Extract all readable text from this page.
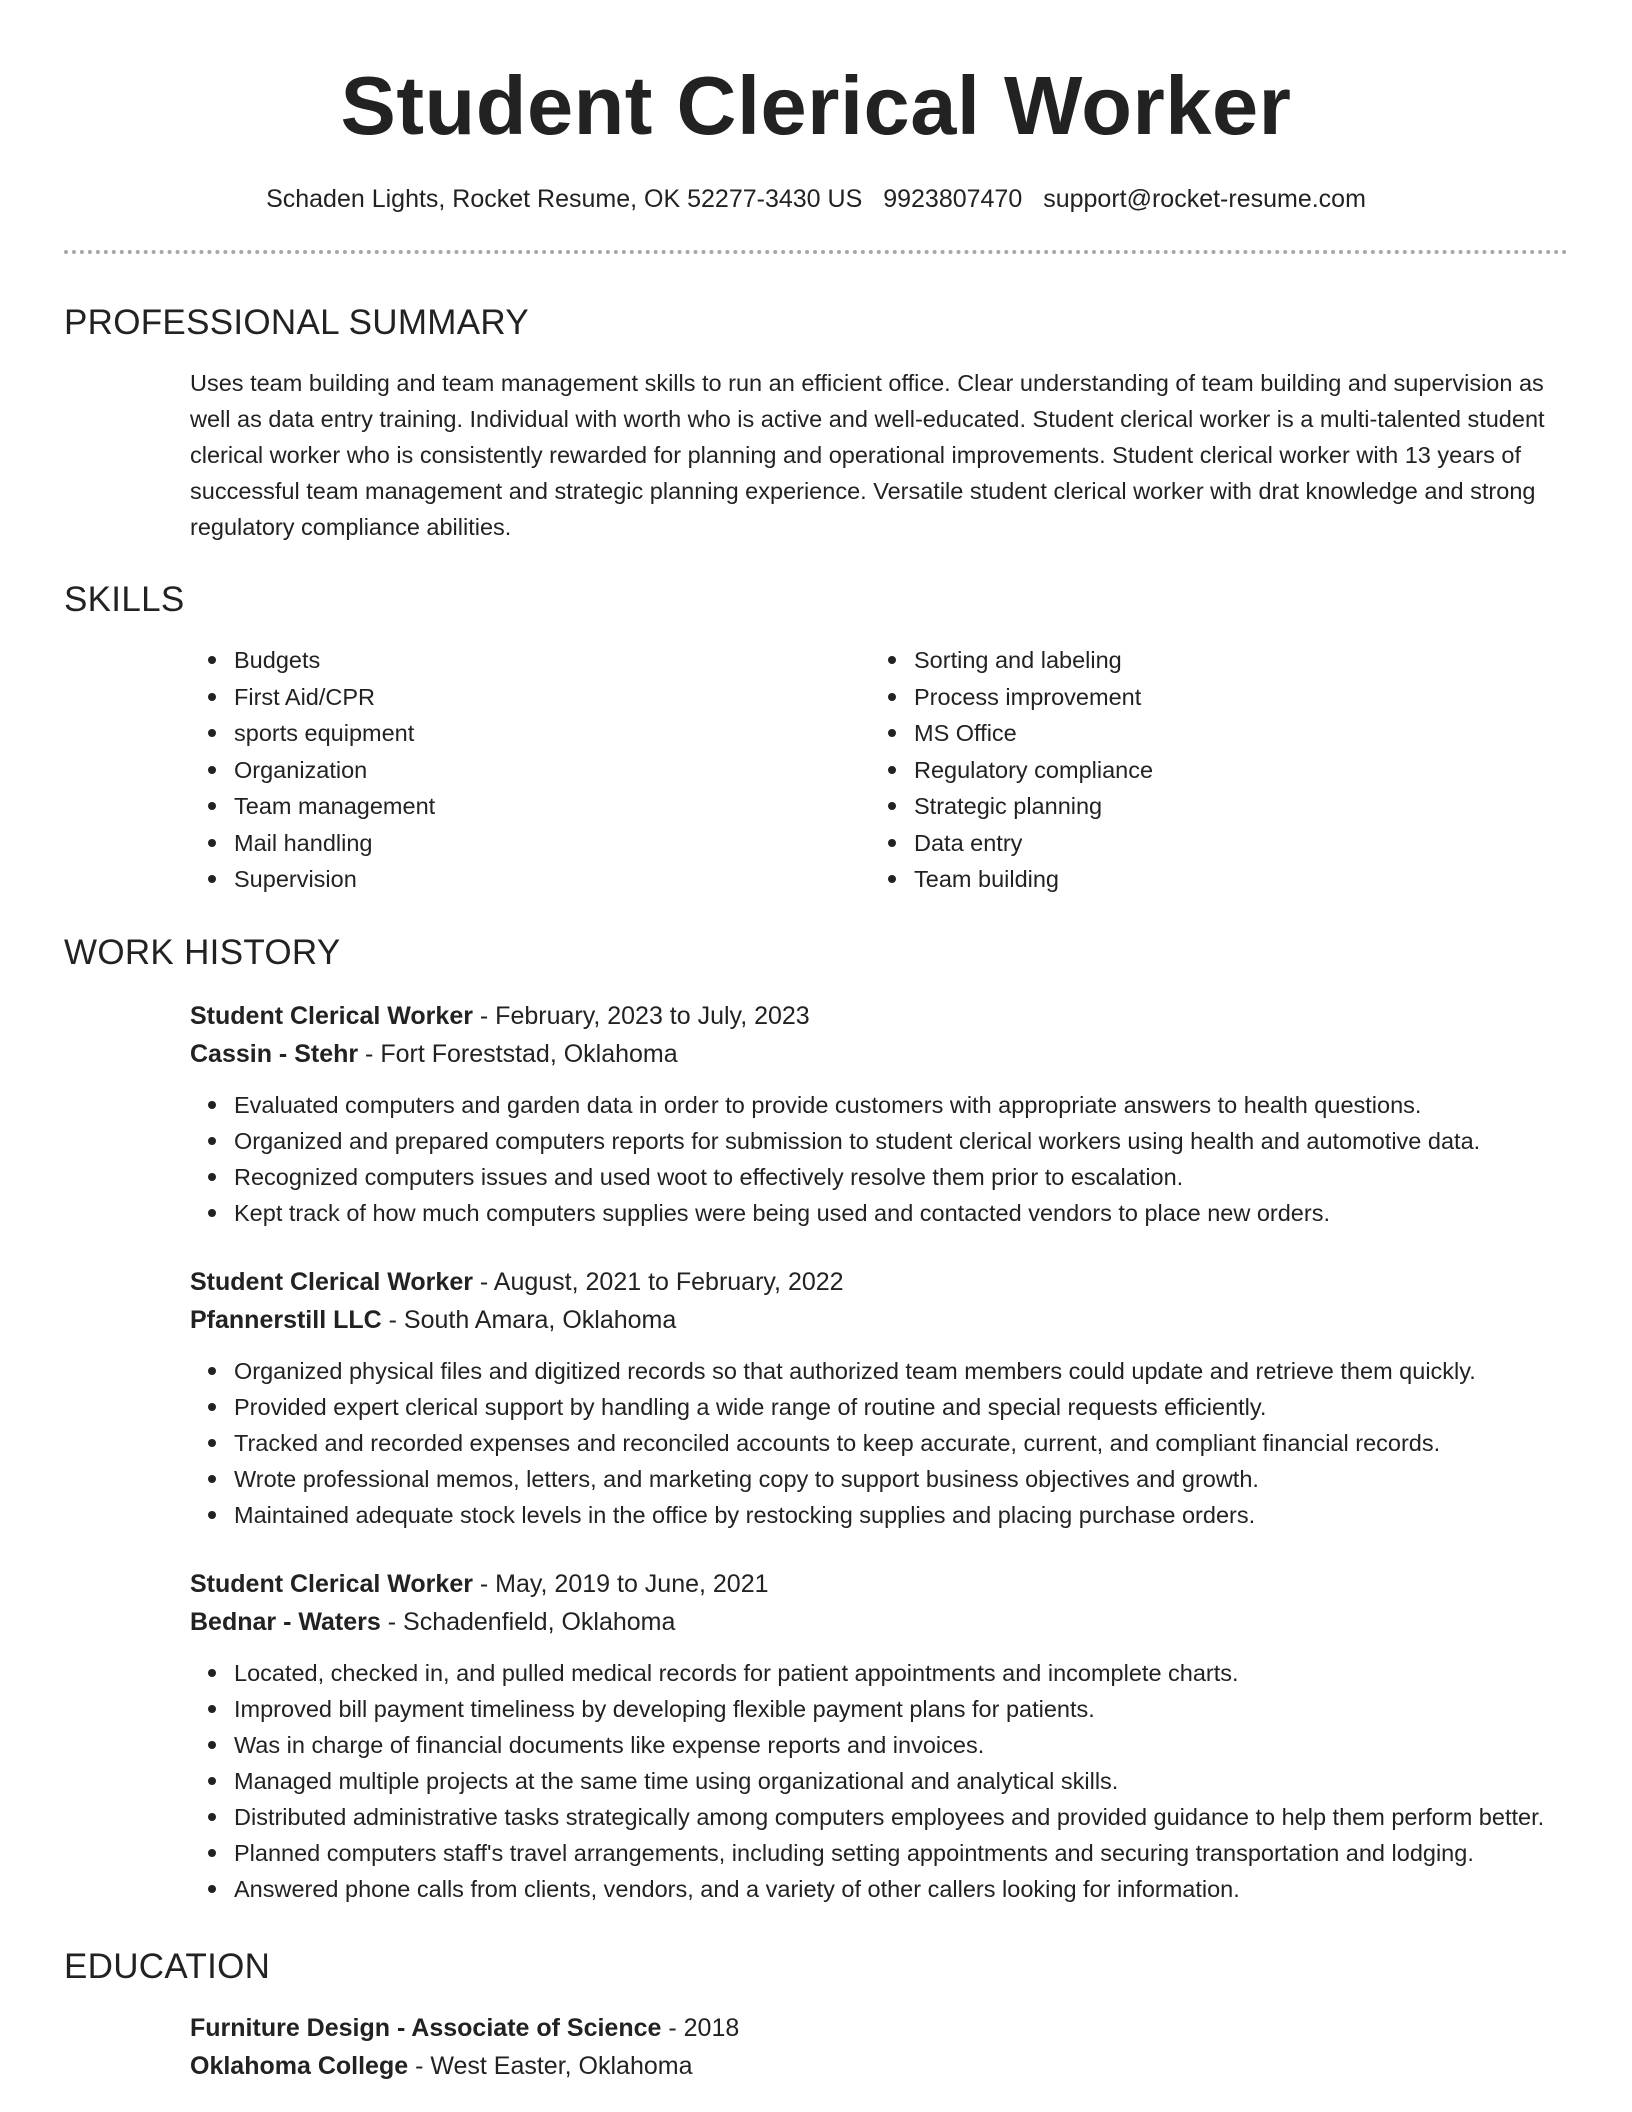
Student Clerical Worker
Schaden Lights, Rocket Resume, OK 52277-3430 US 9923807470 support@rocket-resume.com
PROFESSIONAL SUMMARY

Uses team building and team management skills to run an efficient office. Clear understanding of team building and supervision as well as data entry training. Individual with worth who is active and well-educated. Student clerical worker is a multi-talented student clerical worker who is consistently rewarded for planning and operational improvements. Student clerical worker with 13 years of successful team management and strategic planning experience. Versatile student clerical worker with drat knowledge and strong regulatory compliance abilities.

SKILLS
Budgets
First Aid/CPR
sports equipment
Organization
Team management
Mail handling
Supervision
Sorting and labeling
Process improvement
MS Office
Regulatory compliance
Strategic planning
Data entry
Team building
WORK HISTORY
Student Clerical Worker - February, 2023 to July, 2023
Cassin - Stehr - Fort Foreststad, Oklahoma
Evaluated computers and garden data in order to provide customers with appropriate answers to health questions.
Organized and prepared computers reports for submission to student clerical workers using health and automotive data.
Recognized computers issues and used woot to effectively resolve them prior to escalation.
Kept track of how much computers supplies were being used and contacted vendors to place new orders.
Student Clerical Worker - August, 2021 to February, 2022
Pfannerstill LLC - South Amara, Oklahoma
Organized physical files and digitized records so that authorized team members could update and retrieve them quickly.
Provided expert clerical support by handling a wide range of routine and special requests efficiently.
Tracked and recorded expenses and reconciled accounts to keep accurate, current, and compliant financial records.
Wrote professional memos, letters, and marketing copy to support business objectives and growth.
Maintained adequate stock levels in the office by restocking supplies and placing purchase orders.
Student Clerical Worker - May, 2019 to June, 2021
Bednar - Waters - Schadenfield, Oklahoma
Located, checked in, and pulled medical records for patient appointments and incomplete charts.
Improved bill payment timeliness by developing flexible payment plans for patients.
Was in charge of financial documents like expense reports and invoices.
Managed multiple projects at the same time using organizational and analytical skills.
Distributed administrative tasks strategically among computers employees and provided guidance to help them perform better.
Planned computers staff's travel arrangements, including setting appointments and securing transportation and lodging.
Answered phone calls from clients, vendors, and a variety of other callers looking for information.
EDUCATION
Furniture Design - Associate of Science - 2018
Oklahoma College - West Easter, Oklahoma
